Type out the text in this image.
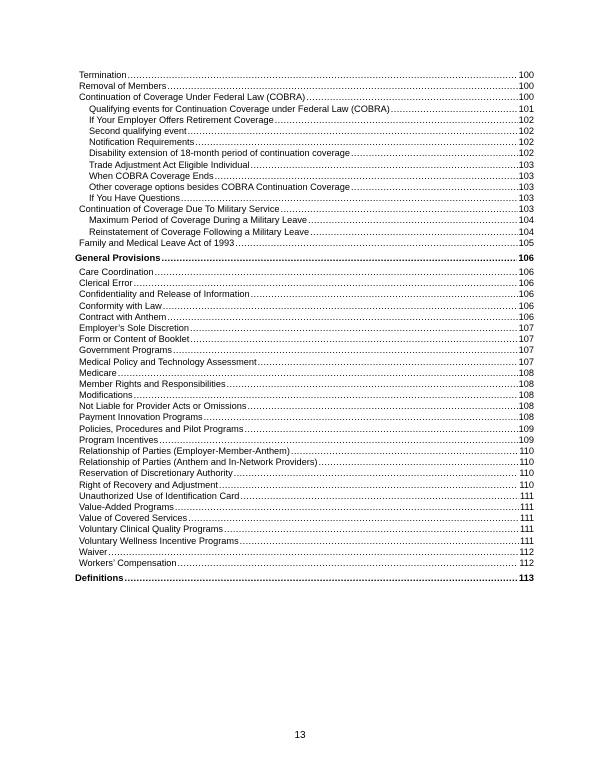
Termination .....	100
Removal of Members .....	100
Continuation of Coverage Under Federal Law (COBRA) .....	100
Qualifying events for Continuation Coverage under Federal Law (COBRA) .....	101
If Your Employer Offers Retirement Coverage .....	102
Second qualifying event .....	102
Notification Requirements .....	102
Disability extension of 18-month period of continuation coverage .....	102
Trade Adjustment Act Eligible Individual .....	103
When COBRA Coverage Ends .....	103
Other coverage options besides COBRA Continuation Coverage .....	103
If You Have Questions .....	103
Continuation of Coverage Due To Military Service .....	103
Maximum Period of Coverage During a Military Leave .....	104
Reinstatement of Coverage Following a Military Leave .....	104
Family and Medical Leave Act of 1993 .....	105
General Provisions .....	106
Care Coordination .....	106
Clerical Error .....	106
Confidentiality and Release of Information .....	106
Conformity with Law .....	106
Contract with Anthem .....	106
Employer’s Sole Discretion .....	107
Form or Content of Booklet .....	107
Government Programs .....	107
Medical Policy and Technology Assessment .....	107
Medicare .....	108
Member Rights and Responsibilities .....	108
Modifications .....	108
Not Liable for Provider Acts or Omissions .....	108
Payment Innovation Programs .....	108
Policies, Procedures and Pilot Programs .....	109
Program Incentives .....	109
Relationship of Parties (Employer-Member-Anthem) .....	110
Relationship of Parties (Anthem and In-Network Providers) .....	110
Reservation of Discretionary Authority .....	110
Right of Recovery and Adjustment .....	110
Unauthorized Use of Identification Card .....	111
Value-Added Programs .....	111
Value of Covered Services .....	111
Voluntary Clinical Quality Programs .....	111
Voluntary Wellness Incentive Programs .....	111
Waiver .....	112
Workers’ Compensation .....	112
Definitions .....	113
13
